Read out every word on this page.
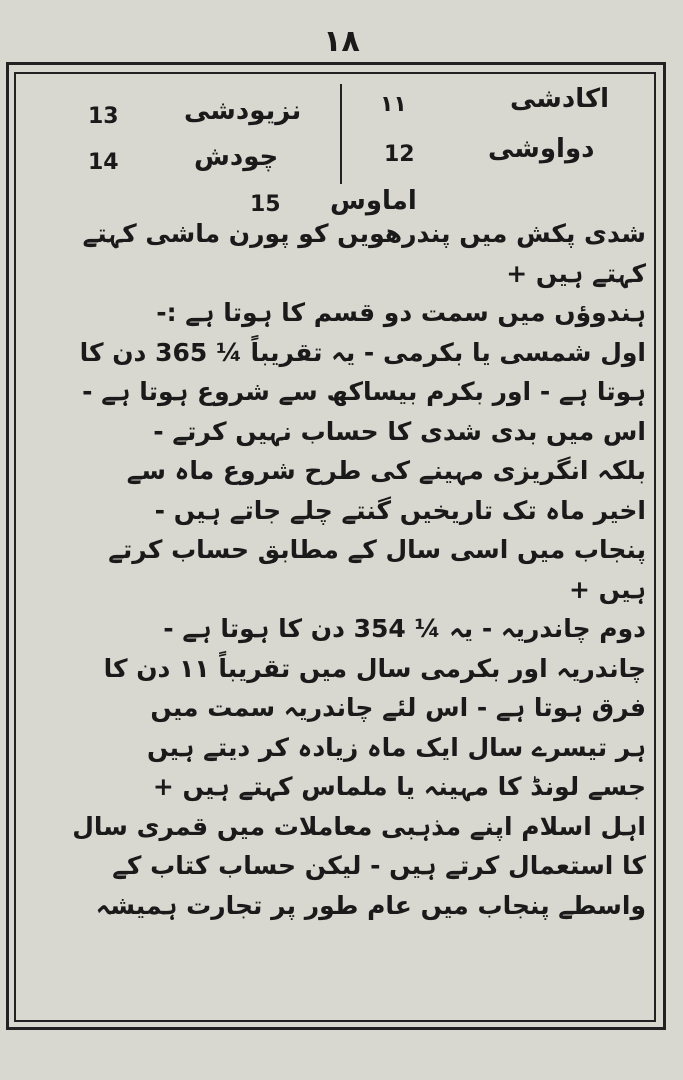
۱۸
اکادشی
۱۱
دواوشی
12
نزیودشی
13
چودش
14
اماوس
15
شدی پکش میں پندرھویں کو پورن ماشی کہتے
کہتے ہیں +
ہندوؤں میں سمت دو قسم کا ہوتا ہے :-
اول شمسی یا بکرمی - یہ تقریباً ¼ 365 دن کا
ہوتا ہے - اور بکرم بیساکھ سے شروع ہوتا ہے -
اس میں بدی شدی کا حساب نہیں کرتے -
بلکہ انگریزی مہینے کی طرح شروع ماہ سے
اخیر ماہ تک تاریخیں گنتے چلے جاتے ہیں -
پنجاب میں اسی سال کے مطابق حساب کرتے
ہیں +
دوم چاندریہ - یہ ¼ 354 دن کا ہوتا ہے -
چاندریہ اور بکرمی سال میں تقریباً ۱۱ دن کا
فرق ہوتا ہے - اس لئے چاندریہ سمت میں
ہر تیسرے سال ایک ماہ زیادہ کر دیتے ہیں
جسے لونڈ کا مہینہ یا ملماس کہتے ہیں +
اہل اسلام اپنے مذہبی معاملات میں قمری سال
کا استعمال کرتے ہیں - لیکن حساب کتاب کے
واسطے پنجاب میں عام طور پر تجارت ہمیشہ
